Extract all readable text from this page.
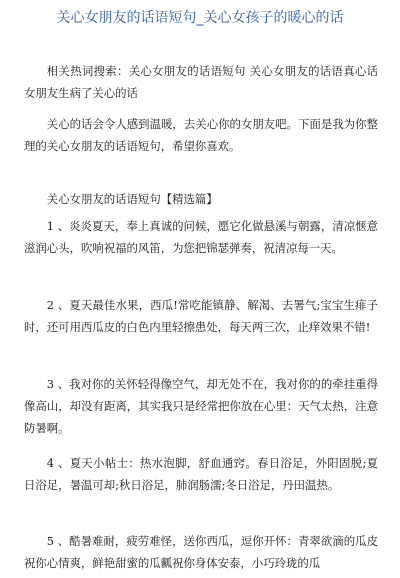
关心女朋友的话语短句_关心女孩子的暖心的话

相关热词搜索：关心女朋友的话语短句 关心女朋友的话语真心话 女朋友生病了关心的话

关心的话会令人感到温暖，去关心你的女朋友吧。下面是我为你整理的关心女朋友的话语短句，希望你喜欢。

关心女朋友的话语短句【精选篇】

1 、炎炎夏天，奉上真诚的问候，愿它化做悬溪与朝露，清凉惬意滋润心头，吹响祝福的风笛，为您把锦瑟弹奏，祝清凉每一天。

2 、夏天最佳水果，西瓜!常吃能镇静、解渴、去署气;宝宝生痱子时，还可用西瓜皮的白色内里轻擦患处，每天两三次，止痒效果不错!

3 、我对你的关怀轻得像空气，却无处不在，我对你的的牵挂重得像高山，却没有距离，其实我只是经常把你放在心里：天气太热，注意防暑啊。

4 、夏天小帖士：热水泡脚，舒血通窍。春日浴足，外阳固脱;夏日浴足，暑温可却;秋日浴足，肺润肠濡;冬日浴足，丹田温热。

5 、酷暑难耐，疲劳难怪，送你西瓜，逗你开怀：青翠欲滴的瓜皮祝你心情爽，鲜艳甜蜜的瓜瓤祝你身体安泰，小巧玲珑的瓜
